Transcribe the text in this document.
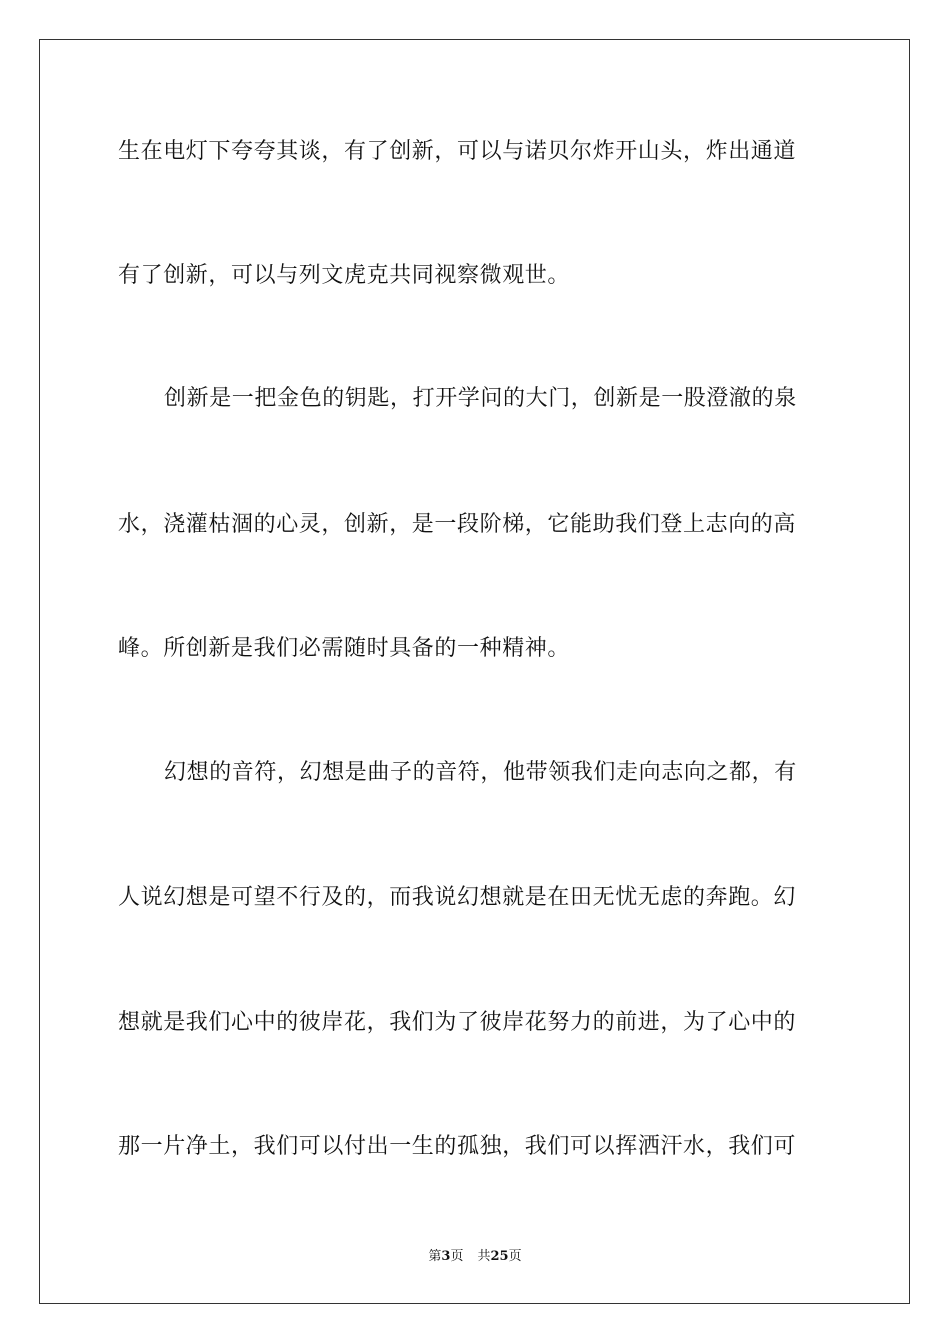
生在电灯下夸夸其谈，有了创新，可以与诺贝尔炸开山头，炸出通道
有了创新，可以与列文虎克共同视察微观世。
创新是一把金色的钥匙，打开学问的大门，创新是一股澄澈的泉
水，浇灌枯涸的心灵，创新，是一段阶梯，它能助我们登上志向的高
峰。所创新是我们必需随时具备的一种精神。
幻想的音符，幻想是曲子的音符，他带领我们走向志向之都，有
人说幻想是可望不行及的，而我说幻想就是在田无忧无虑的奔跑。幻
想就是我们心中的彼岸花，我们为了彼岸花努力的前进，为了心中的
那一片净土，我们可以付出一生的孤独，我们可以挥洒汗水，我们可
第3页 共25页
